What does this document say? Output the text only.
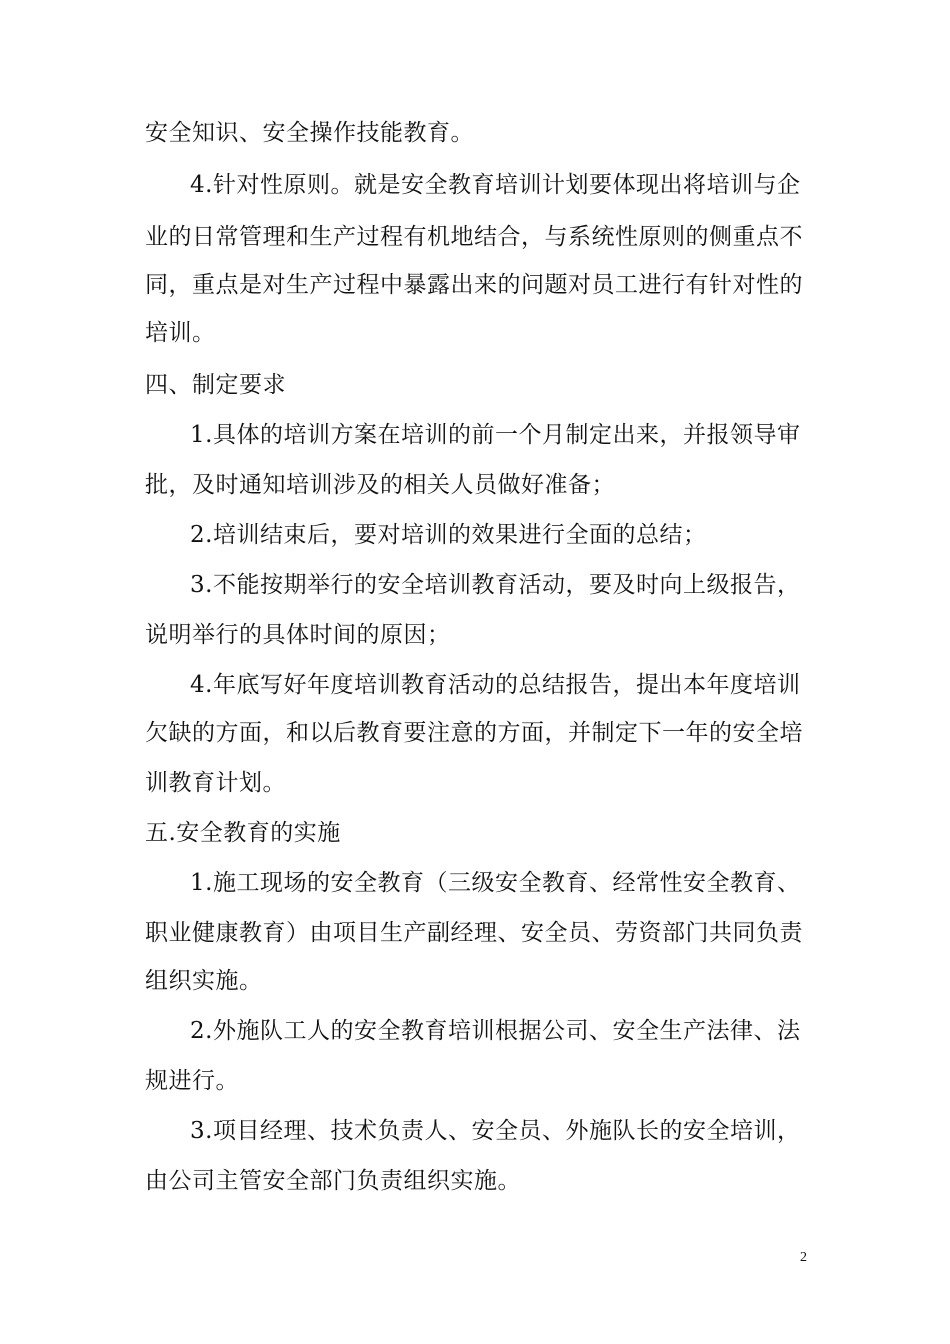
安全知识、安全操作技能教育。
4.针对性原则。就是安全教育培训计划要体现出将培训与企
业的日常管理和生产过程有机地结合，与系统性原则的侧重点不
同，重点是对生产过程中暴露出来的问题对员工进行有针对性的
培训。
四、制定要求
1.具体的培训方案在培训的前一个月制定出来，并报领导审
批，及时通知培训涉及的相关人员做好准备；
2.培训结束后，要对培训的效果进行全面的总结；
3.不能按期举行的安全培训教育活动，要及时向上级报告，
说明举行的具体时间的原因；
4.年底写好年度培训教育活动的总结报告，提出本年度培训
欠缺的方面，和以后教育要注意的方面，并制定下一年的安全培
训教育计划。
五.安全教育的实施
1.施工现场的安全教育（三级安全教育、经常性安全教育、
职业健康教育）由项目生产副经理、安全员、劳资部门共同负责
组织实施。
2.外施队工人的安全教育培训根据公司、安全生产法律、法
规进行。
3.项目经理、技术负责人、安全员、外施队长的安全培训，
由公司主管安全部门负责组织实施。
2
